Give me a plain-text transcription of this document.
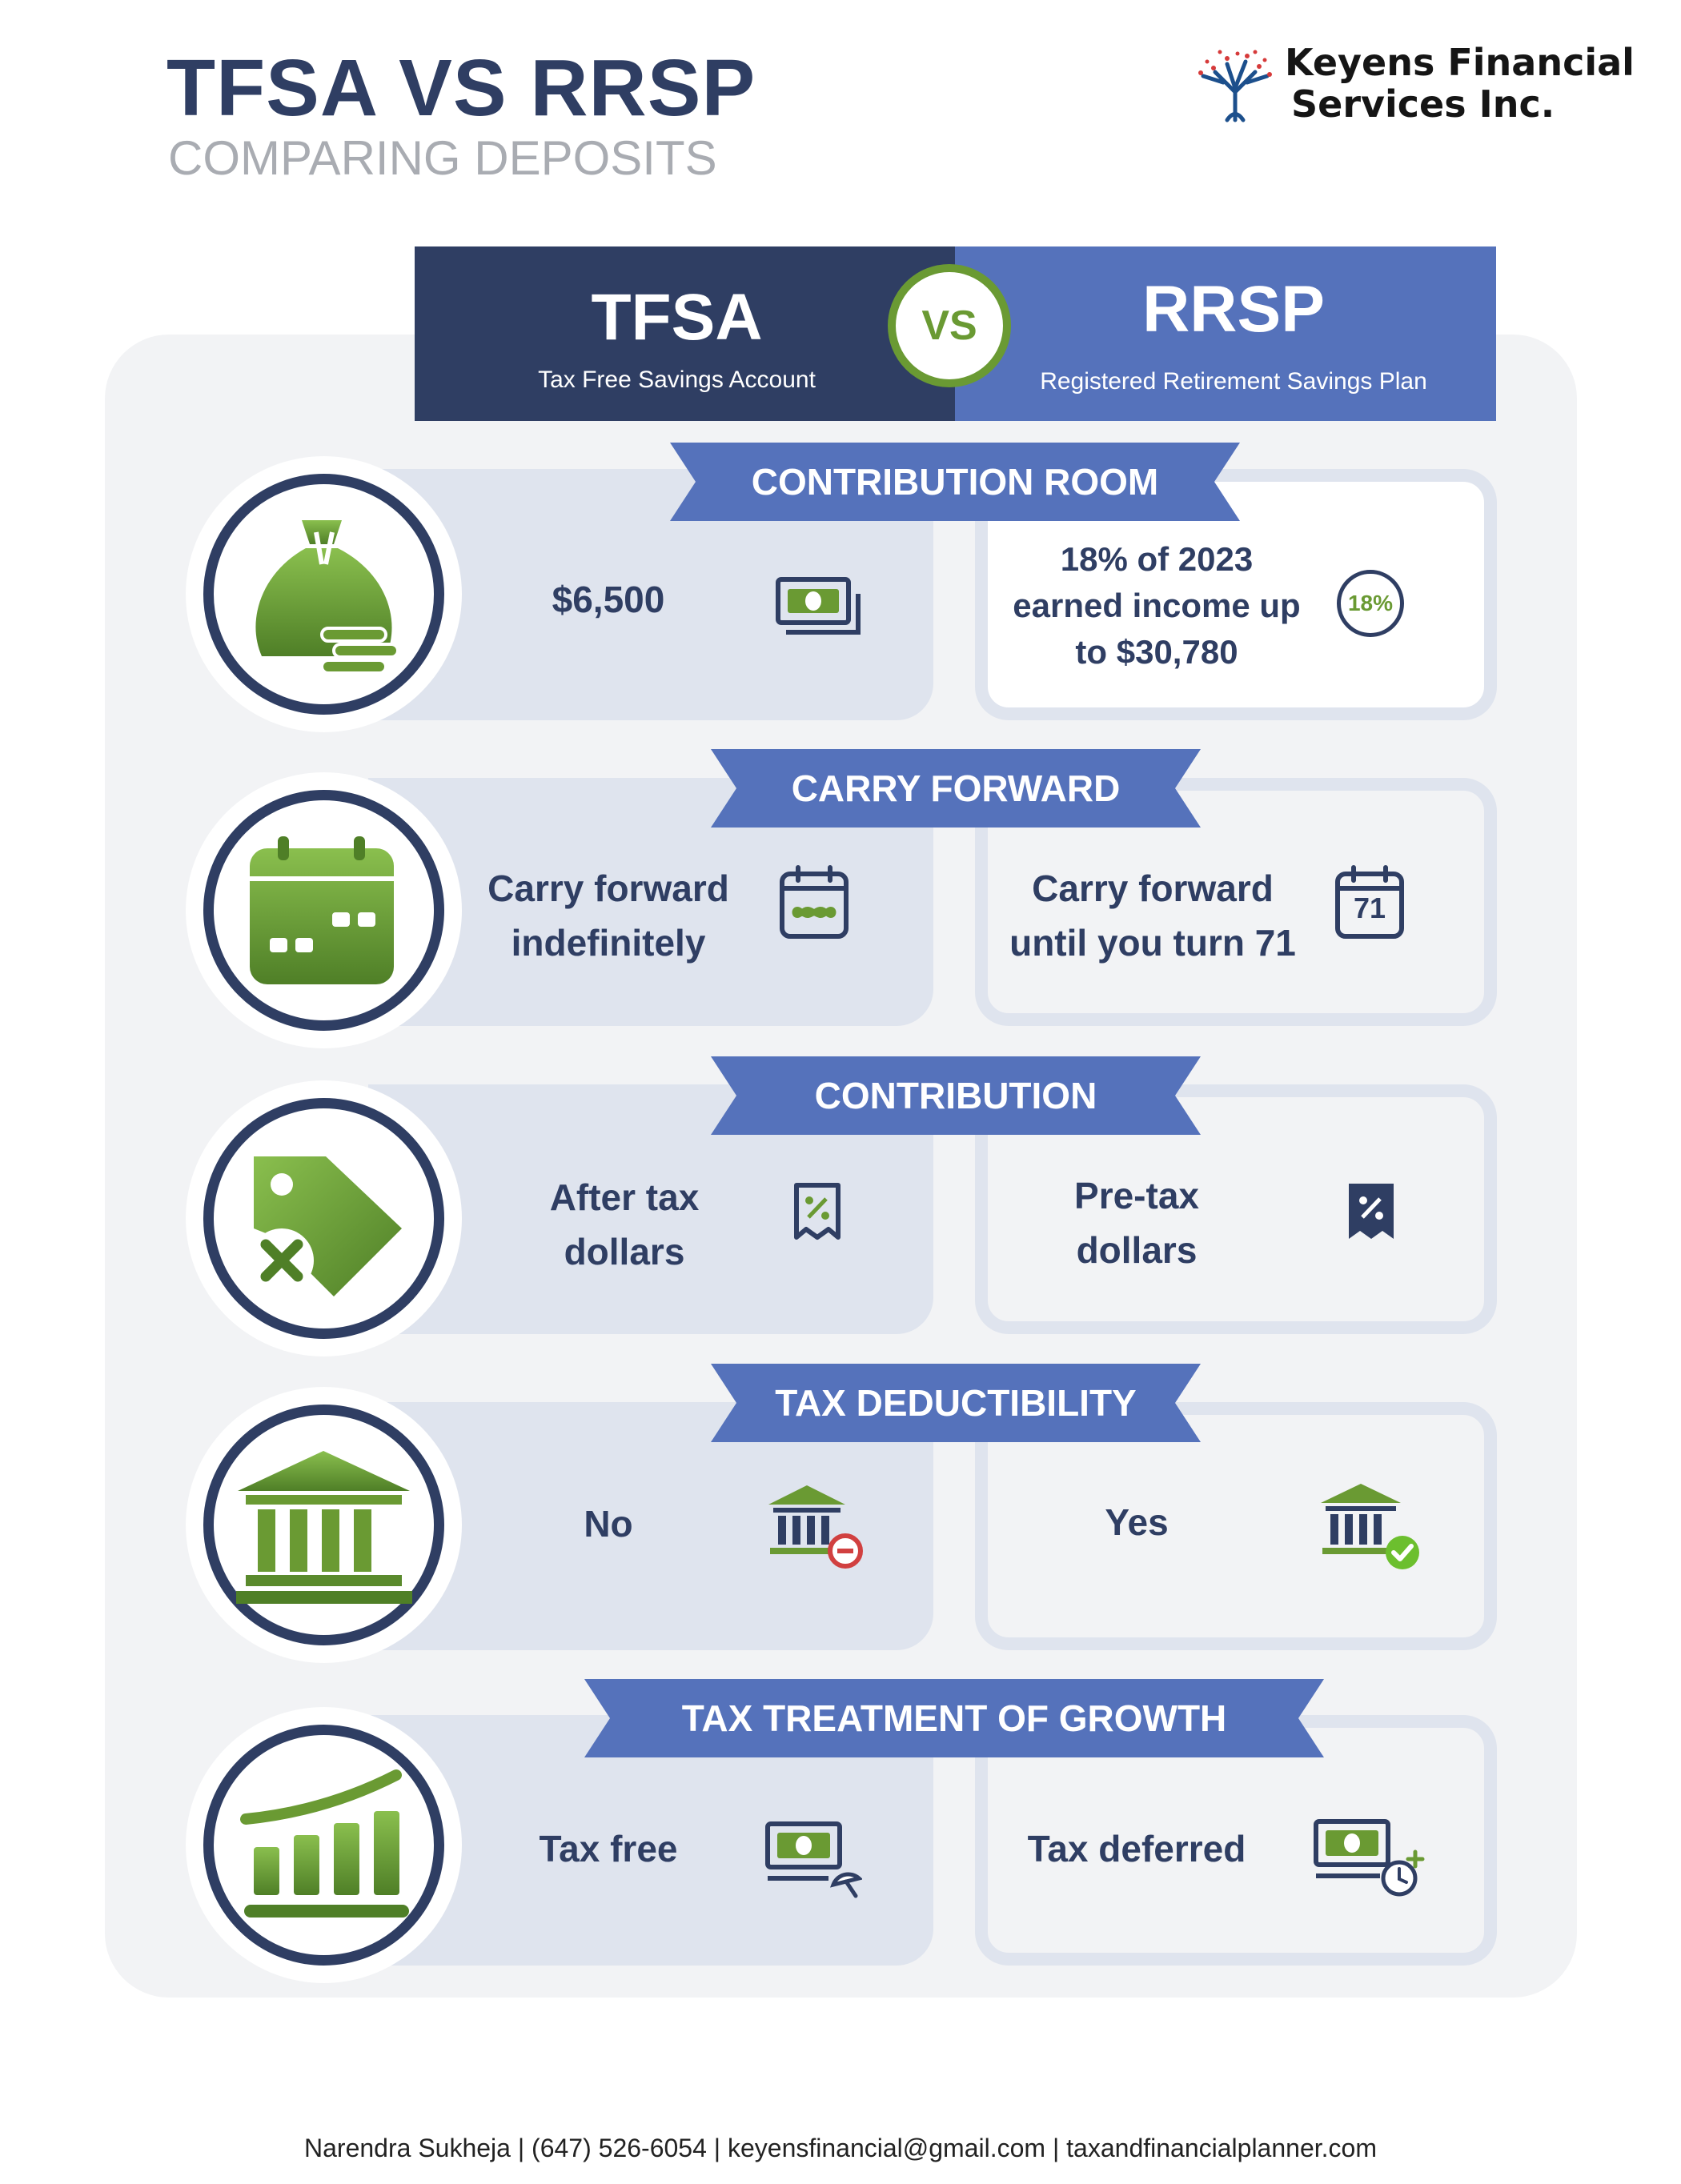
TFSA VS RRSP
COMPARING DEPOSITS
Keyens Financial
Services Inc.
TFSA
Tax Free Savings Account
RRSP
Registered Retirement Savings Plan
VS
CONTRIBUTION ROOM
$6,500
18% of 2023
earned income up
to $30,780
18%
CARRY FORWARD
Carry forward
indefinitely
Carry forward
until you turn 71
71
CONTRIBUTION
After tax
dollars
Pre-tax
dollars
TAX DEDUCTIBILITY
No	Yes
TAX TREATMENT OF GROWTH
Tax free	Tax deferred
Narendra Sukheja | (647) 526-6054 | keyensfinancial@gmail.com | taxandfinancialplanner.com
